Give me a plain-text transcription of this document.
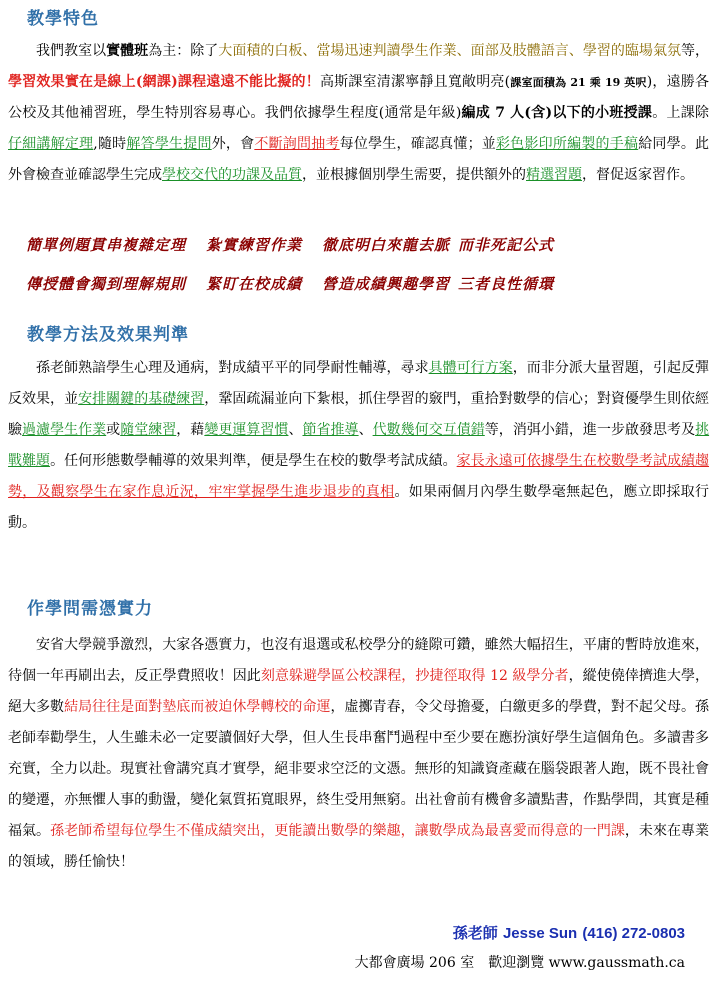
教學特色
我們教室以實體班為主：除了大面積的白板、當場迅速判讀學生作業、面部及肢體語言、學習的臨場氣氛等，學習效果實在是線上(網課)課程遠遠不能比擬的！高斯課室清潔寧靜且寬敞明亮(課室面積為 21 乘 19 英呎)，遠勝各公校及其他補習班，學生特別容易專心。我們依據學生程度(通常是年級)編成 7 人(含)以下的小班授課。上課除仔細講解定理,隨時解答學生提問外，會不斷詢問抽考每位學生，確認真懂；並彩色影印所編製的手稿給同學。此外會檢查並確認學生完成學校交代的功課及品質，並根據個別學生需要，提供額外的精選習題，督促返家習作。
簡單例題貫串複雜定理 紮實練習作業 徹底明白來龍去脈 而非死記公式
傳授體會獨到理解規則 緊盯在校成績 營造成績興趣學習 三者良性循環
教學方法及效果判準
孫老師熟諳學生心理及通病，對成績平平的同學耐性輔導，尋求具體可行方案，而非分派大量習題，引起反彈反效果，並安排關鍵的基礎練習，鞏固疏漏並向下紮根，抓住學習的竅門，重拾對數學的信心；對資優學生則依經驗過濾學生作業或隨堂練習，藉變更運算習慣、節省推導、代數幾何交互債錯等，消弭小錯，進一步啟發思考及挑戰難題。任何形態數學輔導的效果判準，便是學生在校的數學考試成績。家長永遠可依據學生在校數學考試成績趨勢，及觀察學生在家作息近況，牢牢掌握學生進步退步的真相。如果兩個月內學生數學毫無起色，應立即採取行動。
作學問需憑實力
安省大學競爭激烈，大家各憑實力，也沒有退選或私校學分的縫隙可鑽，雖然大幅招生，平庸的暫時放進來，待個一年再刷出去，反正學費照收！因此刻意躲避學區公校課程，抄捷徑取得 12 級學分者，縱使僥倖擠進大學，絕大多數結局往往是面對墊底而被迫休學轉校的命運，虛擲青春，令父母擔憂，白繳更多的學費，對不起父母。孫老師奉勸學生，人生雖未必一定要讀個好大學，但人生長串奮鬥過程中至少要在應扮演好學生這個角色。多讀書多充實，全力以赴。現實社會講究真才實學，絕非要求空泛的文憑。無形的知識資產藏在腦袋跟著人跑，既不畏社會的變遷，亦無懼人事的動盪，變化氣質拓寬眼界，終生受用無窮。出社會前有機會多讀點書，作點學問，其實是種福氣。孫老師希望每位學生不僅成績突出，更能讀出數學的樂趣，讓數學成為最喜愛而得意的一門課，未來在專業的領域，勝任愉快！
孫老師 Jesse Sun (416) 272-0803
大都會廣場 206 室 歡迎瀏覽 www.gaussmath.ca
